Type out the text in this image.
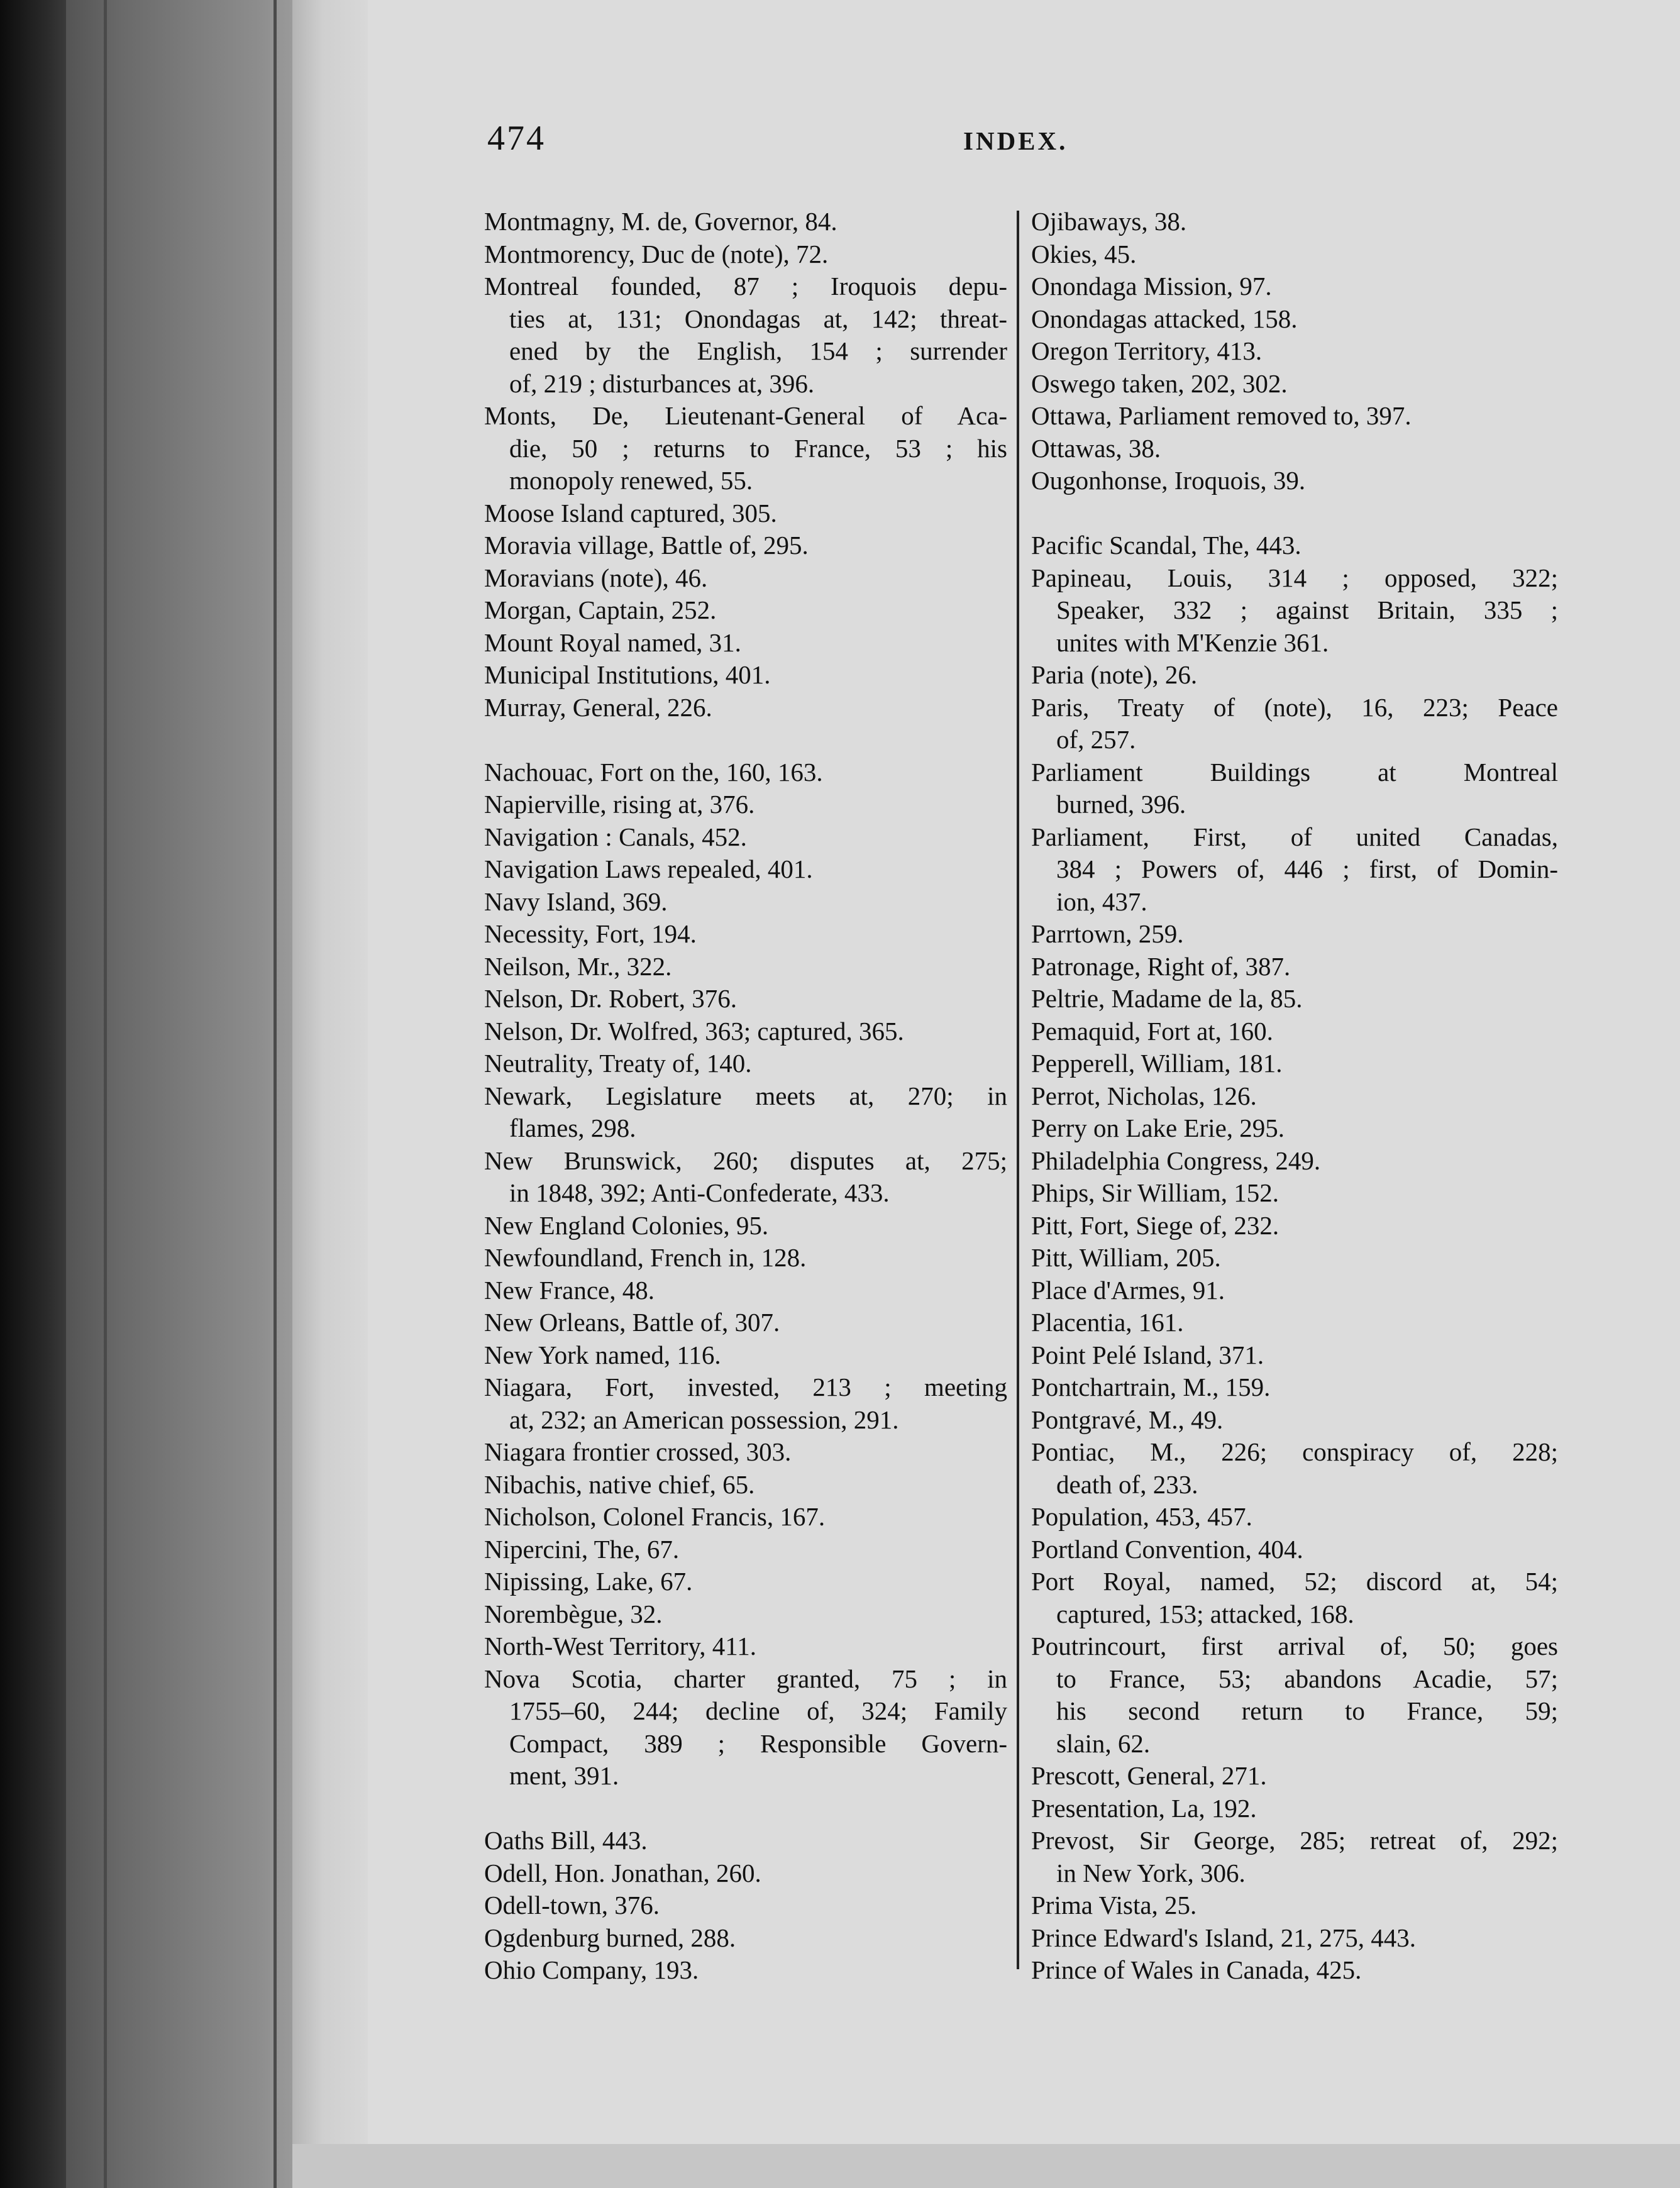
474	INDEX.
Montmagny, M. de, Governor, 84.
Montmorency, Duc de (note), 72.
Montreal founded, 87 ; Iroquois depu-
ties at, 131; Onondagas at, 142; threat-
ened by the English, 154 ; surrender
of, 219 ; disturbances at, 396.
Monts, De, Lieutenant-General of Aca-
die, 50 ; returns to France, 53 ; his
monopoly renewed, 55.
Moose Island captured, 305.
Moravia village, Battle of, 295.
Moravians (note), 46.
Morgan, Captain, 252.
Mount Royal named, 31.
Municipal Institutions, 401.
Murray, General, 226.
Nachouac, Fort on the, 160, 163.
Napierville, rising at, 376.
Navigation : Canals, 452.
Navigation Laws repealed, 401.
Navy Island, 369.
Necessity, Fort, 194.
Neilson, Mr., 322.
Nelson, Dr. Robert, 376.
Nelson, Dr. Wolfred, 363; captured, 365.
Neutrality, Treaty of, 140.
Newark, Legislature meets at, 270; in
flames, 298.
New Brunswick, 260; disputes at, 275;
in 1848, 392; Anti-Confederate, 433.
New England Colonies, 95.
Newfoundland, French in, 128.
New France, 48.
New Orleans, Battle of, 307.
New York named, 116.
Niagara, Fort, invested, 213 ; meeting
at, 232; an American possession, 291.
Niagara frontier crossed, 303.
Nibachis, native chief, 65.
Nicholson, Colonel Francis, 167.
Nipercini, The, 67.
Nipissing, Lake, 67.
Norembègue, 32.
North-West Territory, 411.
Nova Scotia, charter granted, 75 ; in
1755–60, 244; decline of, 324; Family
Compact, 389 ; Responsible Govern-
ment, 391.
Oaths Bill, 443.
Odell, Hon. Jonathan, 260.
Odell-town, 376.
Ogdenburg burned, 288.
Ohio Company, 193.
Ojibaways, 38.
Okies, 45.
Onondaga Mission, 97.
Onondagas attacked, 158.
Oregon Territory, 413.
Oswego taken, 202, 302.
Ottawa, Parliament removed to, 397.
Ottawas, 38.
Ougonhonse, Iroquois, 39.
Pacific Scandal, The, 443.
Papineau, Louis, 314 ; opposed, 322;
Speaker, 332 ; against Britain, 335 ;
unites with M'Kenzie 361.
Paria (note), 26.
Paris, Treaty of (note), 16, 223; Peace
of, 257.
Parliament Buildings at Montreal
burned, 396.
Parliament, First, of united Canadas,
384 ; Powers of, 446 ; first, of Domin-
ion, 437.
Parrtown, 259.
Patronage, Right of, 387.
Peltrie, Madame de la, 85.
Pemaquid, Fort at, 160.
Pepperell, William, 181.
Perrot, Nicholas, 126.
Perry on Lake Erie, 295.
Philadelphia Congress, 249.
Phips, Sir William, 152.
Pitt, Fort, Siege of, 232.
Pitt, William, 205.
Place d'Armes, 91.
Placentia, 161.
Point Pelé Island, 371.
Pontchartrain, M., 159.
Pontgravé, M., 49.
Pontiac, M., 226; conspiracy of, 228;
death of, 233.
Population, 453, 457.
Portland Convention, 404.
Port Royal, named, 52; discord at, 54;
captured, 153; attacked, 168.
Poutrincourt, first arrival of, 50; goes
to France, 53; abandons Acadie, 57;
his second return to France, 59;
slain, 62.
Prescott, General, 271.
Presentation, La, 192.
Prevost, Sir George, 285; retreat of, 292;
in New York, 306.
Prima Vista, 25.
Prince Edward's Island, 21, 275, 443.
Prince of Wales in Canada, 425.
